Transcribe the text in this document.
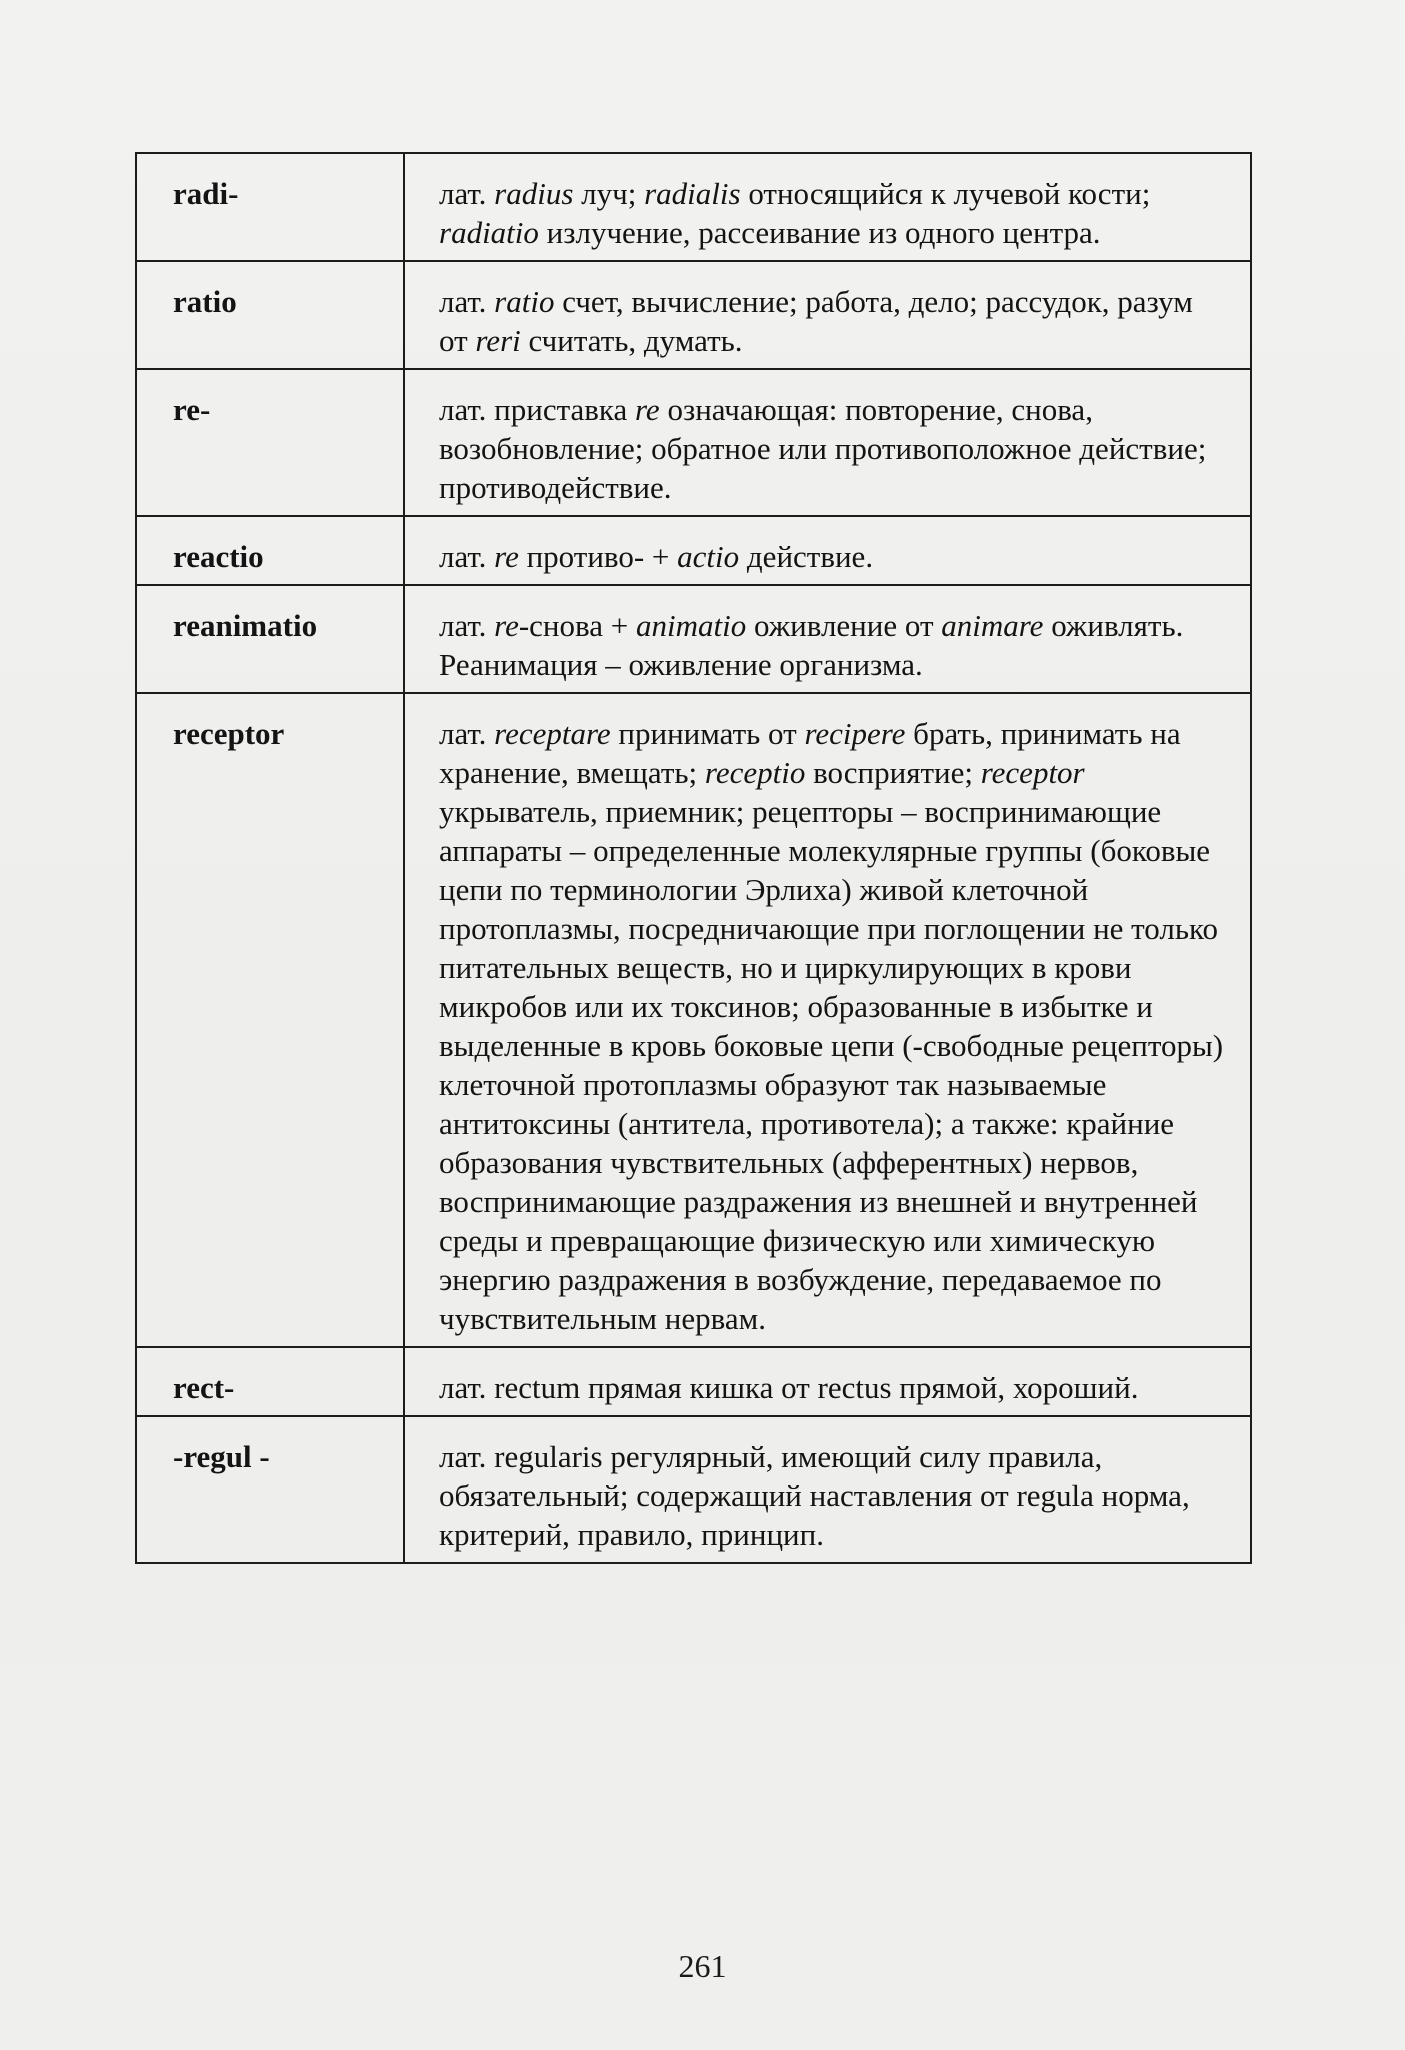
radi-	лат. radius луч; radialis относящийся к лучевой кости; radiatio излучение, рассеивание из одного центра.
ratio	лат. ratio счет, вычисление; работа, дело; рассудок, разум от reri считать, думать.
re-	лат. приставка re означающая: повторение, снова, возобновление; обратное или противоположное действие; противодействие.
reactio	лат. re противо- + actio действие.
reanimatio	лат. re-снова + animatio оживление от animare оживлять. Реанимация – оживление организма.
receptor	лат. receptare принимать от recipere брать, принимать на хранение, вмещать; receptio восприятие; receptor укрыватель, приемник; рецепторы – воспринимающие аппараты – определенные молекулярные группы (боковые цепи по терминологии Эрлиха) живой клеточной протоплазмы, посредничающие при поглощении не только питательных веществ, но и циркулирующих в крови микробов или их токсинов; образованные в избытке и выделенные в кровь боковые цепи (-свободные рецепторы) клеточной протоплазмы образуют так называемые антитоксины (антитела, противотела); а также: крайние образования чувствительных (афферентных) нервов, воспринимающие раздражения из внешней и внутренней среды и превращающие физическую или химическую энергию раздражения в возбуждение, передаваемое по чувствительным нервам.
rect-	лат. rectum прямая кишка от rectus прямой, хороший.
-regul -	лат. regularis регулярный, имеющий силу правила, обязательный; содержащий наставления от regula норма, критерий, правило, принцип.
261
